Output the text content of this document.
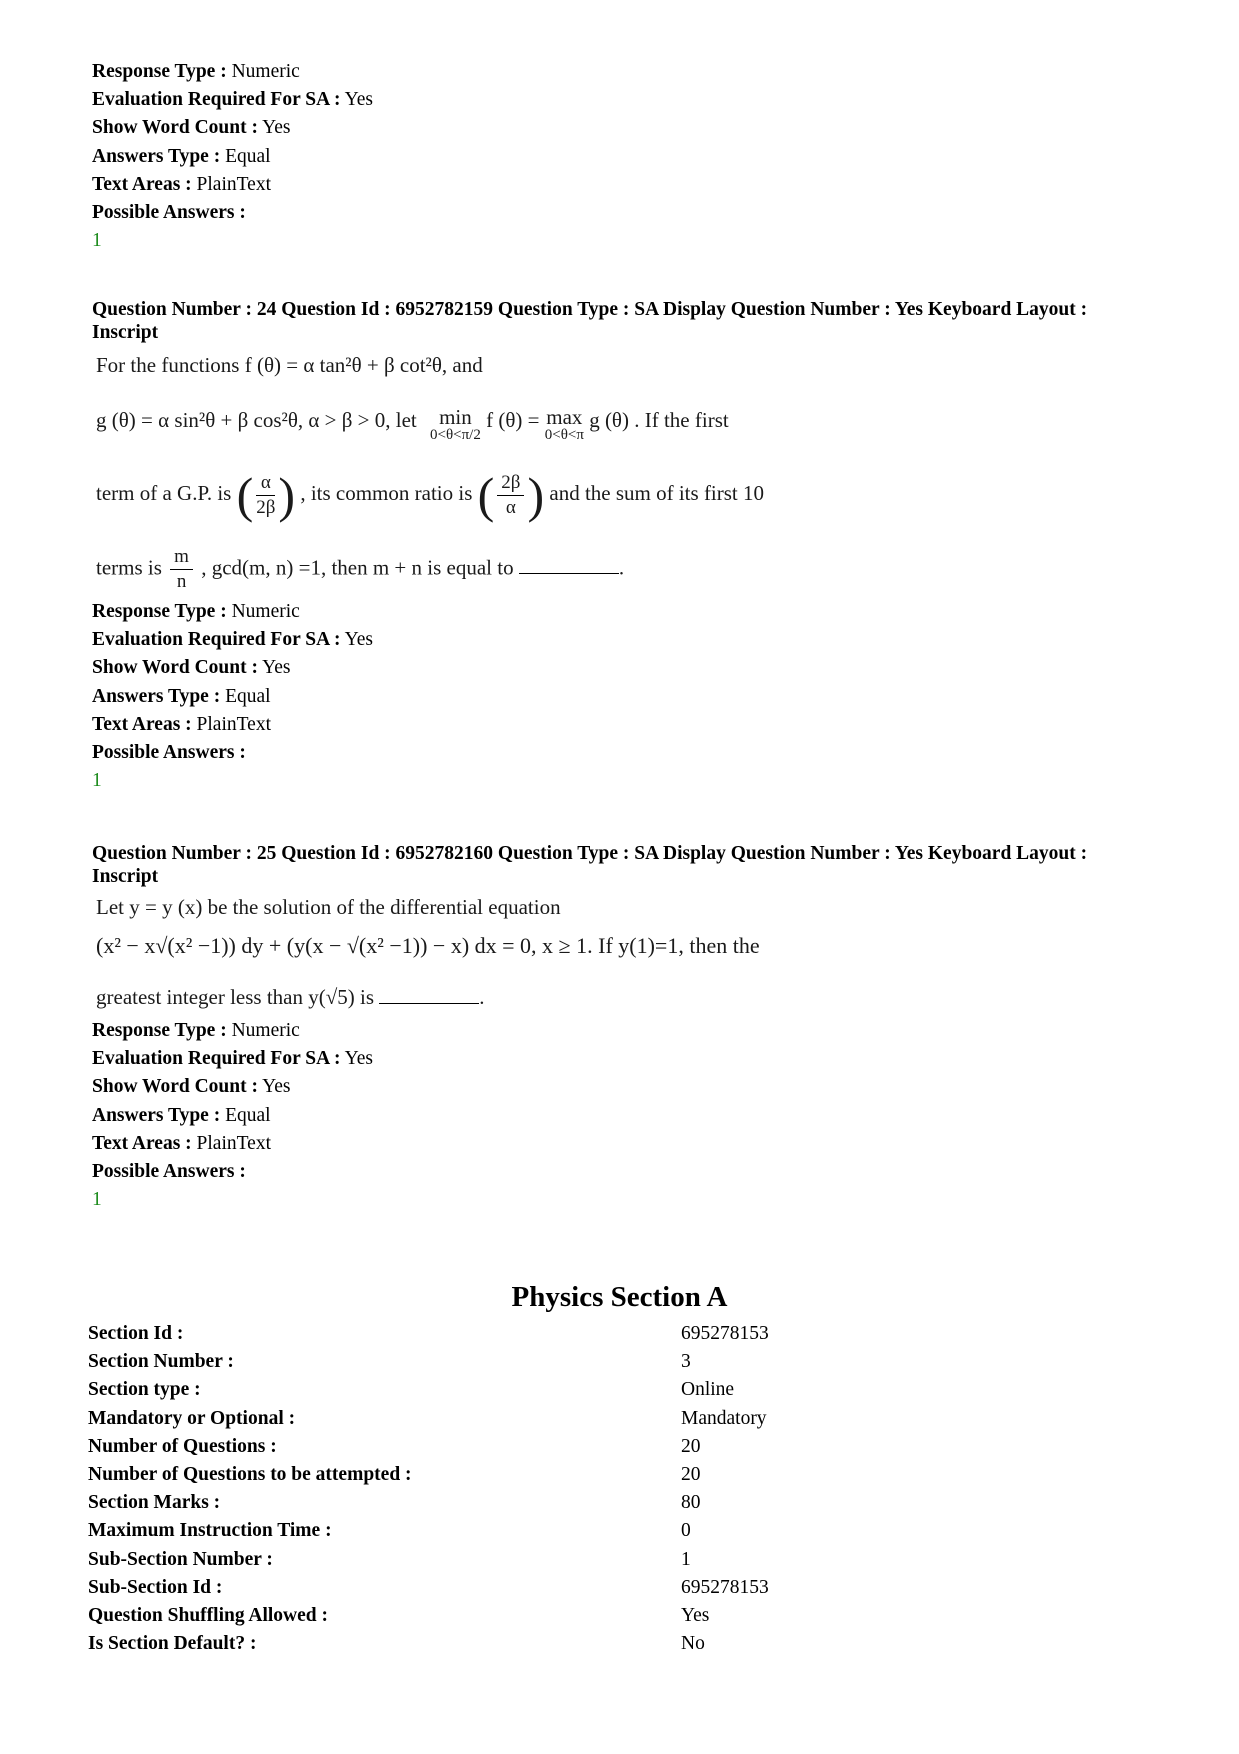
Response Type : Numeric
Evaluation Required For SA : Yes
Show Word Count : Yes
Answers Type : Equal
Text Areas : PlainText
Possible Answers :
1
Question Number : 24 Question Id : 6952782159 Question Type : SA Display Question Number : Yes Keyboard Layout : Inscript
For the functions f (θ) = α tan²θ + β cot²θ, and
g (θ) = α sin²θ + β cos²θ, α > β > 0, let	min
0<θ<π/2
f (θ) = max
0<θ<π
g (θ) . If the first
term of a G.P. is ( $\frac{\alpha}{2\beta}$ ) , its common ratio is ( $\frac{2\beta}{\alpha}$ ) and the sum of its first 10
terms is $\frac{m}{n}$ , gcd(m, n) =1, then m + n is equal to	.
Response Type : Numeric
Evaluation Required For SA : Yes
Show Word Count : Yes
Answers Type : Equal
Text Areas : PlainText
Possible Answers :
1
Question Number : 25 Question Id : 6952782160 Question Type : SA Display Question Number : Yes Keyboard Layout : Inscript
Let y = y (x) be the solution of the differential equation
(x² − x√(x² −1)) dy + (y(x − √(x² −1)) − x) dx = 0, x ≥ 1. If y(1)=1, then the
greatest integer less than y(√5) is	.
Response Type : Numeric
Evaluation Required For SA : Yes
Show Word Count : Yes
Answers Type : Equal
Text Areas : PlainText
Possible Answers :
1
Physics Section A
Section Id :	695278153
Section Number :	3
Section type :	Online
Mandatory or Optional :	Mandatory
Number of Questions :	20
Number of Questions to be attempted :	20
Section Marks :	80
Maximum Instruction Time :	0
Sub-Section Number :	1
Sub-Section Id :	695278153
Question Shuffling Allowed :	Yes
Is Section Default? :	No
